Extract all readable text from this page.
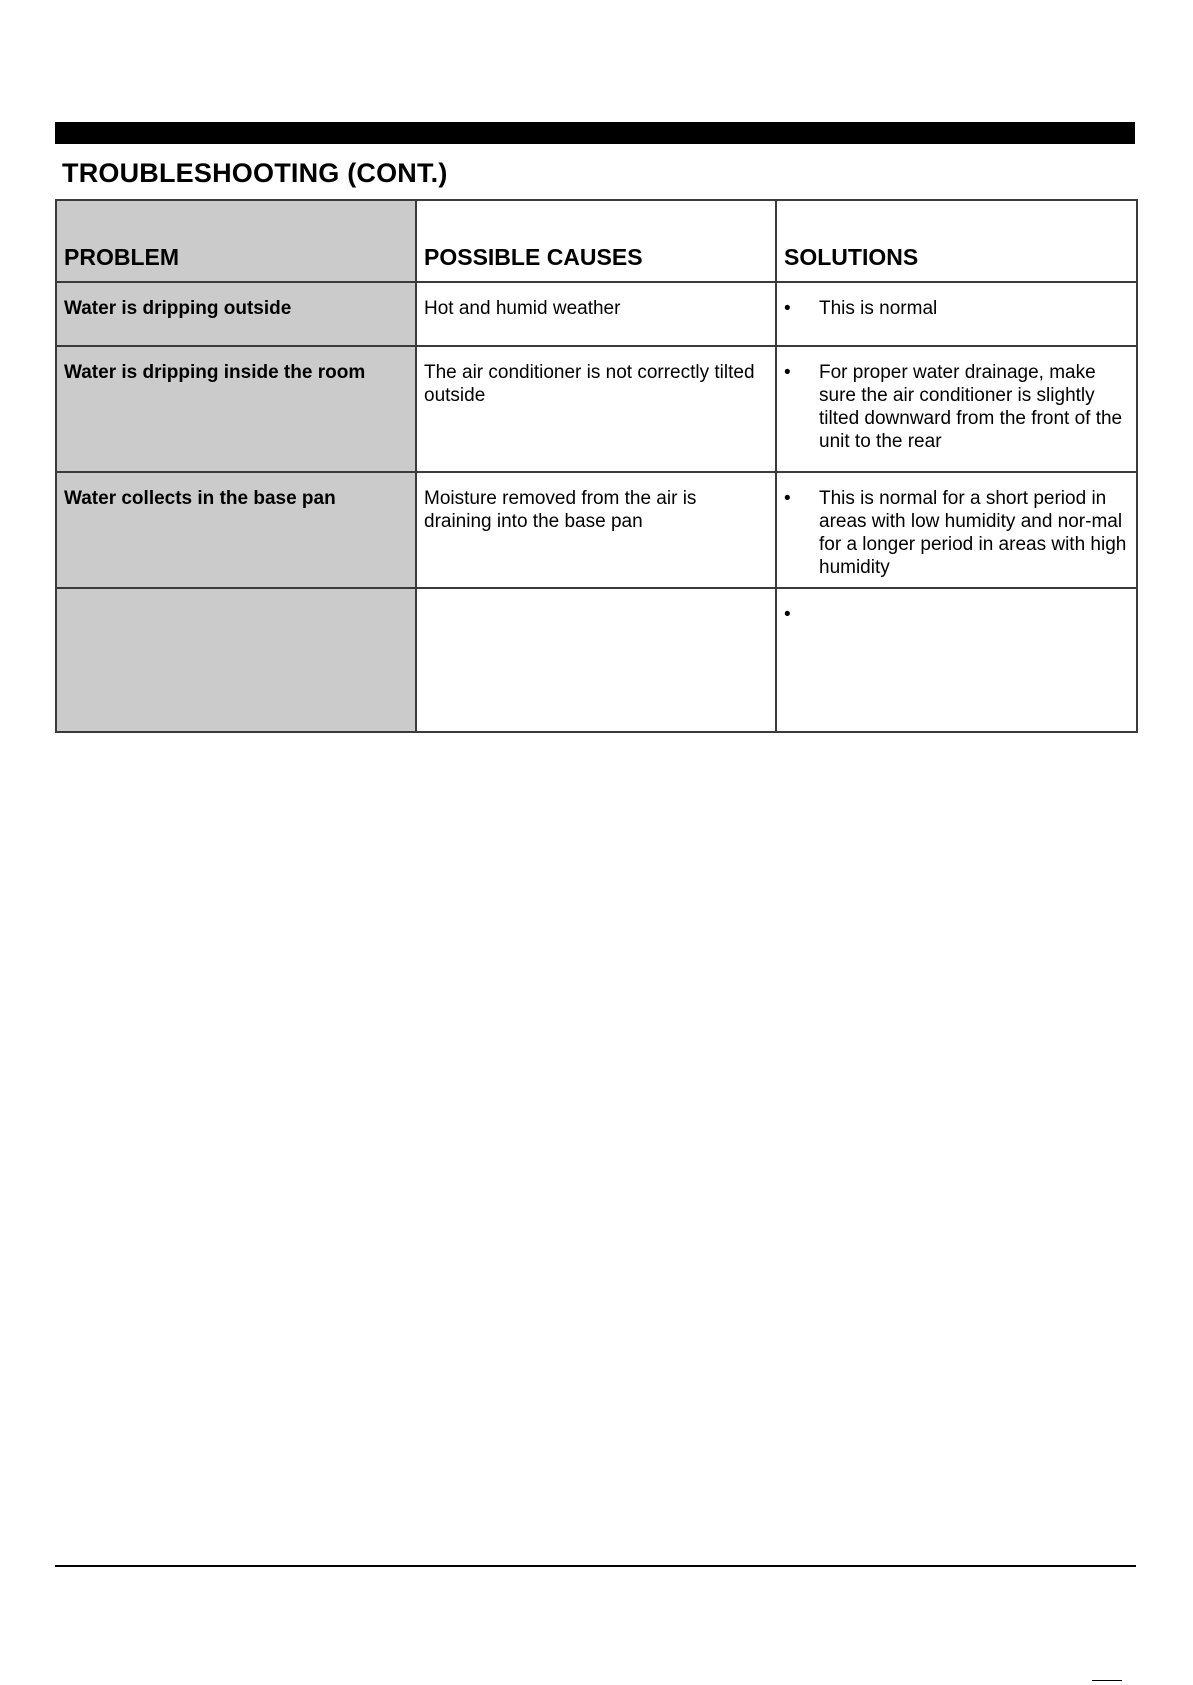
TROUBLESHOOTING (CONT.)
PROBLEM	POSSIBLE CAUSES	SOLUTIONS
Water is dripping outside	Hot and humid weather	• This is normal

Water is dripping inside the room	The air conditioner is not correctly tilted outside	• For proper water drainage, make sure the air conditioner is slightly tilted downward from the front of the unit to the rear

Water collects in the base pan	Moisture removed from the air is draining into the base pan	• This is normal for a short period in areas with low humidity and nor-mal for a longer period in areas with high humidity

		•
